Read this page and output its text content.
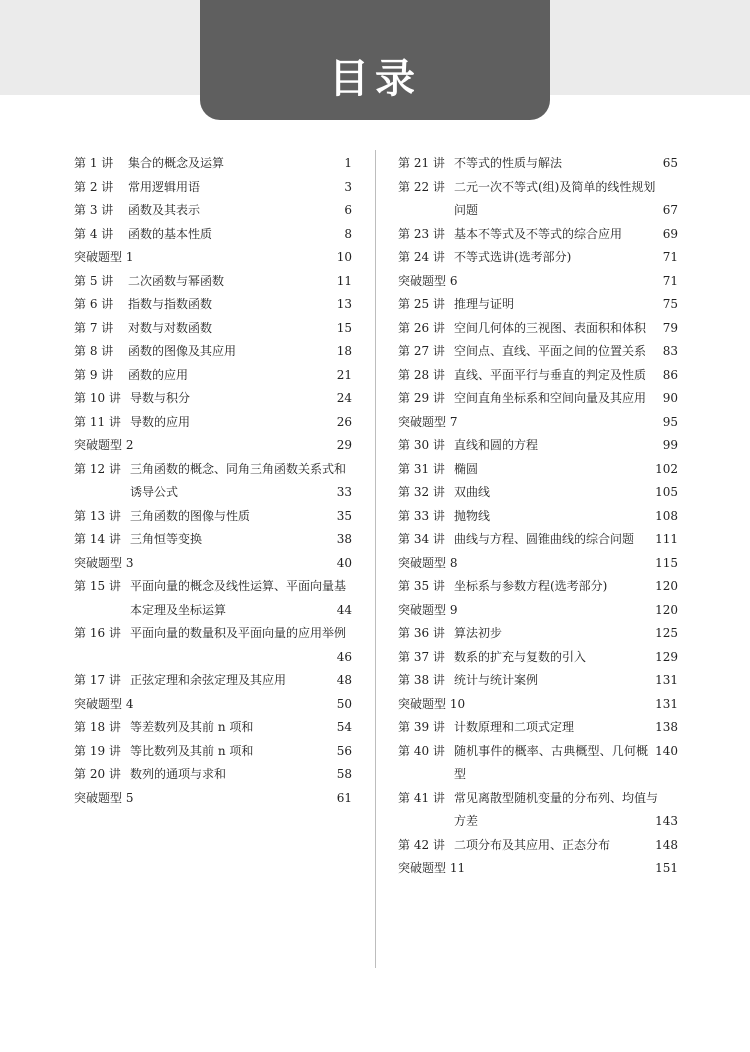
目录
第 1 讲	集合的概念及运算	1
第 2 讲	常用逻辑用语	3
第 3 讲	函数及其表示	6
第 4 讲	函数的基本性质	8
突破题型 1	10
第 5 讲	二次函数与幂函数	11
第 6 讲	指数与指数函数	13
第 7 讲	对数与对数函数	15
第 8 讲	函数的图像及其应用	18
第 9 讲	函数的应用	21
第 10 讲 导数与积分	24
第 11 讲 导数的应用	26
突破题型 2	29
第 12 讲 三角函数的概念、同角三角函数关系式和
诱导公式	33
第 13 讲 三角函数的图像与性质	35
第 14 讲 三角恒等变换	38
突破题型 3	40
第 15 讲 平面向量的概念及线性运算、平面向量基
本定理及坐标运算	44
第 16 讲 平面向量的数量积及平面向量的应用举例
46
第 17 讲 正弦定理和余弦定理及其应用	48
突破题型 4	50
第 18 讲 等差数列及其前 n 项和	54
第 19 讲 等比数列及其前 n 项和	56
第 20 讲 数列的通项与求和	58
突破题型 5	61
第 21 讲 不等式的性质与解法	65
第 22 讲 二元一次不等式(组)及简单的线性规划
问题	67
第 23 讲 基本不等式及不等式的综合应用	69
第 24 讲 不等式选讲(选考部分)	71
突破题型 6	71
第 25 讲 推理与证明	75
第 26 讲 空间几何体的三视图、表面积和体积	79
第 27 讲 空间点、直线、平面之间的位置关系	83
第 28 讲 直线、平面平行与垂直的判定及性质	86
第 29 讲 空间直角坐标系和空间向量及其应用	90
突破题型 7	95
第 30 讲 直线和圆的方程	99
第 31 讲 椭圆	102
第 32 讲 双曲线	105
第 33 讲 抛物线	108
第 34 讲 曲线与方程、圆锥曲线的综合问题	111
突破题型 8	115
第 35 讲 坐标系与参数方程(选考部分)	120
突破题型 9	120
第 36 讲 算法初步	125
第 37 讲 数系的扩充与复数的引入	129
第 38 讲 统计与统计案例	131
突破题型 10	131
第 39 讲 计数原理和二项式定理	138
第 40 讲 随机事件的概率、古典概型、几何概型
140
第 41 讲 常见离散型随机变量的分布列、均值与
方差	143
第 42 讲 二项分布及其应用、正态分布	148
突破题型 11	151
